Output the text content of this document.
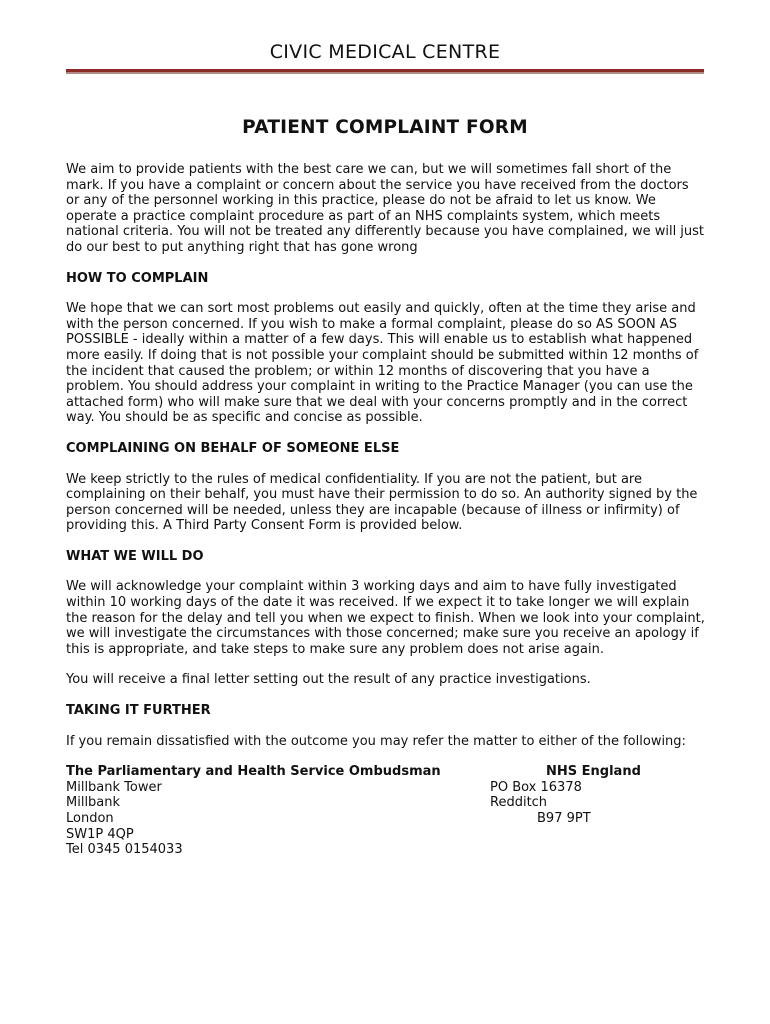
CIVIC MEDICAL CENTRE
PATIENT COMPLAINT FORM

We aim to provide patients with the best care we can, but we will sometimes fall short of the mark. If you have a complaint or concern about the service you have received from the doctors or any of the personnel working in this practice, please do not be afraid to let us know. We operate a practice complaint procedure as part of an NHS complaints system, which meets national criteria. You will not be treated any differently because you have complained, we will just do our best to put anything right that has gone wrong

HOW TO COMPLAIN

We hope that we can sort most problems out easily and quickly, often at the time they arise and with the person concerned. If you wish to make a formal complaint, please do so AS SOON AS POSSIBLE - ideally within a matter of a few days. This will enable us to establish what happened more easily. If doing that is not possible your complaint should be submitted within 12 months of the incident that caused the problem; or within 12 months of discovering that you have a problem. You should address your complaint in writing to the Practice Manager (you can use the attached form) who will make sure that we deal with your concerns promptly and in the correct way. You should be as specific and concise as possible.

COMPLAINING ON BEHALF OF SOMEONE ELSE

We keep strictly to the rules of medical confidentiality. If you are not the patient, but are complaining on their behalf, you must have their permission to do so. An authority signed by the person concerned will be needed, unless they are incapable (because of illness or infirmity) of providing this. A Third Party Consent Form is provided below.

WHAT WE WILL DO

We will acknowledge your complaint within 3 working days and aim to have fully investigated within 10 working days of the date it was received. If we expect it to take longer we will explain the reason for the delay and tell you when we expect to finish. When we look into your complaint, we will investigate the circumstances with those concerned; make sure you receive an apology if this is appropriate, and take steps to make sure any problem does not arise again.

You will receive a final letter setting out the result of any practice investigations.

TAKING IT FURTHER

If you remain dissatisfied with the outcome you may refer the matter to either of the following:

The Parliamentary and Health Service Ombudsman

Millbank Tower

Millbank

London

SW1P 4QP

Tel 0345 0154033

NHS England

PO Box 16378

Redditch

B97 9PT
